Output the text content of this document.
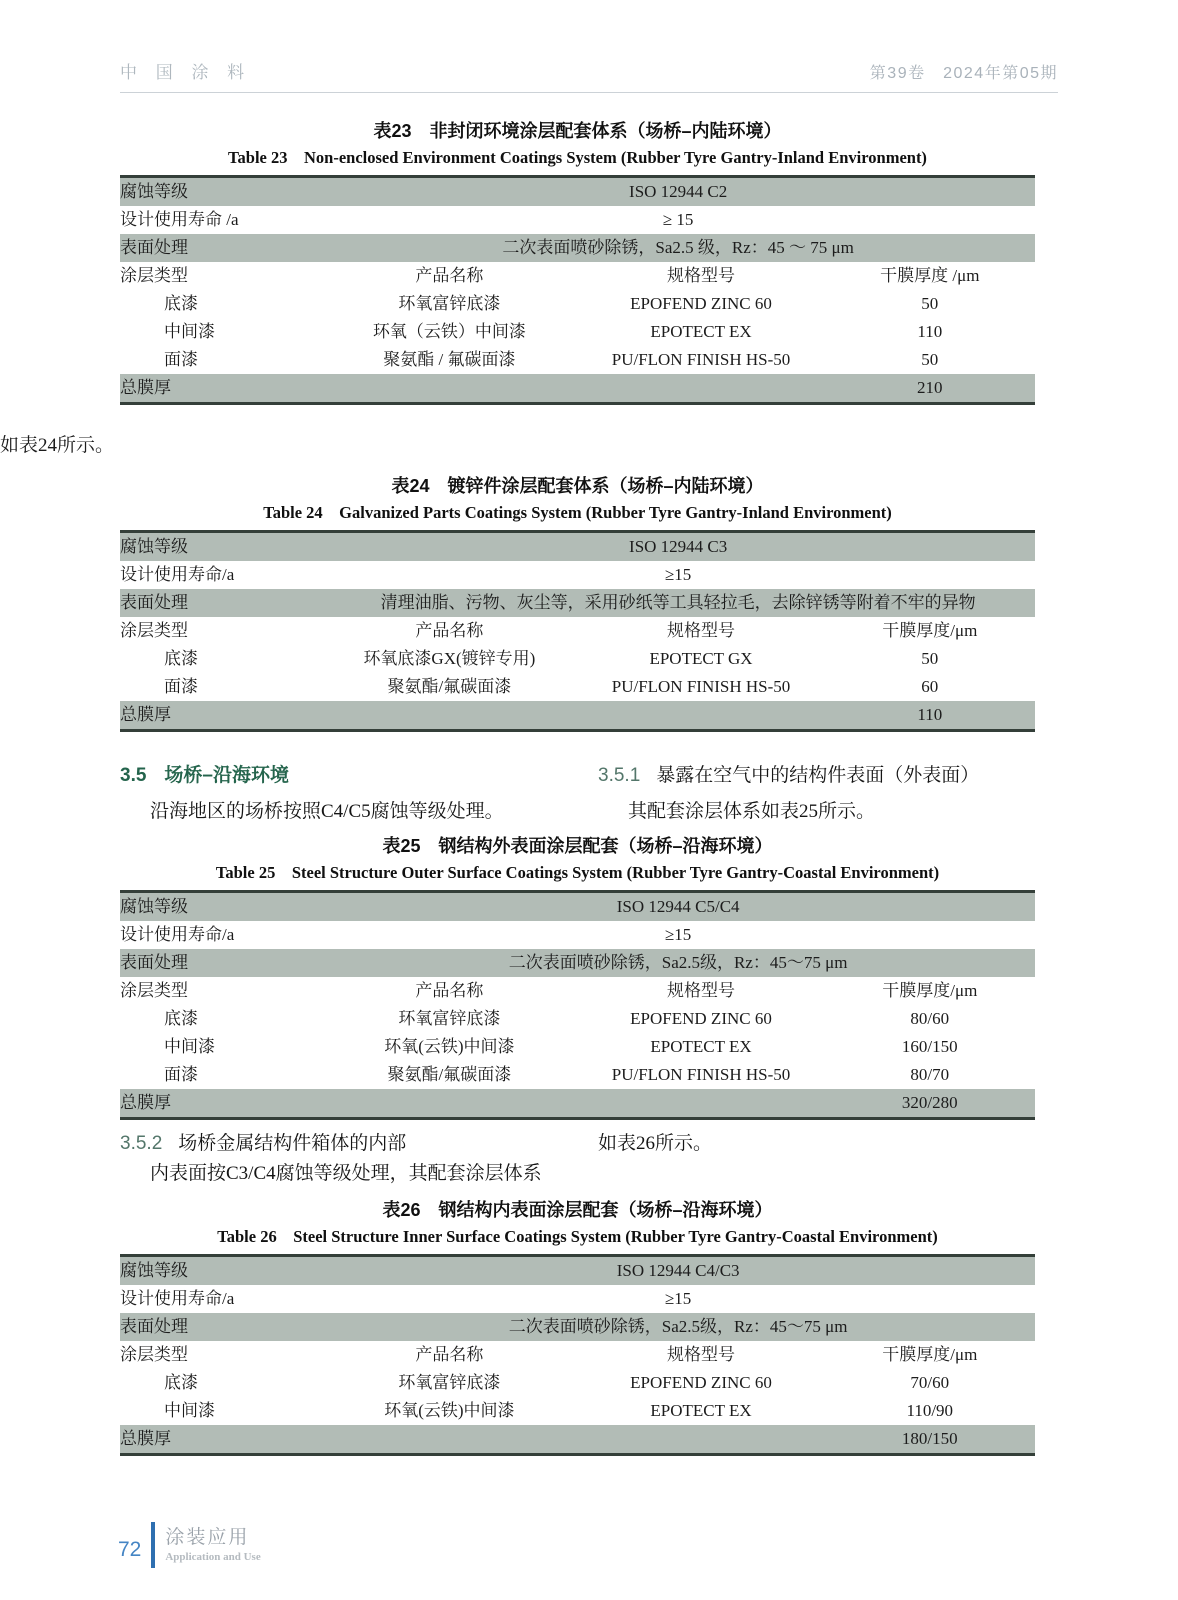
中 国 涂 料	第39卷　2024年第05期
表23　非封闭环境涂层配套体系（场桥–内陆环境）
Table 23　Non-enclosed Environment Coatings System (Rubber Tyre Gantry-Inland Environment)
腐蚀等级	ISO 12944 C2		
设计使用寿命 /a	≥ 15		
表面处理	二次表面喷砂除锈，Sa2.5 级，Rz：45 ～ 75 μm		
涂层类型	产品名称	规格型号	干膜厚度 /μm
底漆	环氧富锌底漆	EPOFEND ZINC 60	50
中间漆	环氧（云铁）中间漆	EPOTECT EX	110
面漆	聚氨酯 / 氟碳面漆	PU/FLON FINISH HS-50	50
总膜厚			210

如表24所示。

表24　镀锌件涂层配套体系（场桥–内陆环境）
Table 24　Galvanized Parts Coatings System (Rubber Tyre Gantry-Inland Environment)
腐蚀等级	ISO 12944 C3		
设计使用寿命/a	≥15		
表面处理	清理油脂、污物、灰尘等，采用砂纸等工具轻拉毛，去除锌锈等附着不牢的异物		
涂层类型	产品名称	规格型号	干膜厚度/μm
底漆	环氧底漆GX(镀锌专用)	EPOTECT GX	50
面漆	聚氨酯/氟碳面漆	PU/FLON FINISH HS-50	60
总膜厚			110
3.5 场桥–沿海环境
沿海地区的场桥按照C4/C5腐蚀等级处理。
3.5.1 暴露在空气中的结构件表面（外表面）
其配套涂层体系如表25所示。
表25　钢结构外表面涂层配套（场桥–沿海环境）
Table 25　Steel Structure Outer Surface Coatings System (Rubber Tyre Gantry-Coastal Environment)
腐蚀等级	ISO 12944 C5/C4		
设计使用寿命/a	≥15		
表面处理	二次表面喷砂除锈，Sa2.5级，Rz：45～75 μm		
涂层类型	产品名称	规格型号	干膜厚度/μm
底漆	环氧富锌底漆	EPOFEND ZINC 60	80/60
中间漆	环氧(云铁)中间漆	EPOTECT EX	160/150
面漆	聚氨酯/氟碳面漆	PU/FLON FINISH HS-50	80/70
总膜厚			320/280
3.5.2 场桥金属结构件箱体的内部
内表面按C3/C4腐蚀等级处理，其配套涂层体系
如表26所示。
表26　钢结构内表面涂层配套（场桥–沿海环境）
Table 26　Steel Structure Inner Surface Coatings System (Rubber Tyre Gantry-Coastal Environment)
腐蚀等级	ISO 12944 C4/C3		
设计使用寿命/a	≥15		
表面处理	二次表面喷砂除锈，Sa2.5级，Rz：45～75 μm		
涂层类型	产品名称	规格型号	干膜厚度/μm
底漆	环氧富锌底漆	EPOFEND ZINC 60	70/60
中间漆	环氧(云铁)中间漆	EPOTECT EX	110/90
总膜厚			180/150
72
涂装应用
Application and Use
